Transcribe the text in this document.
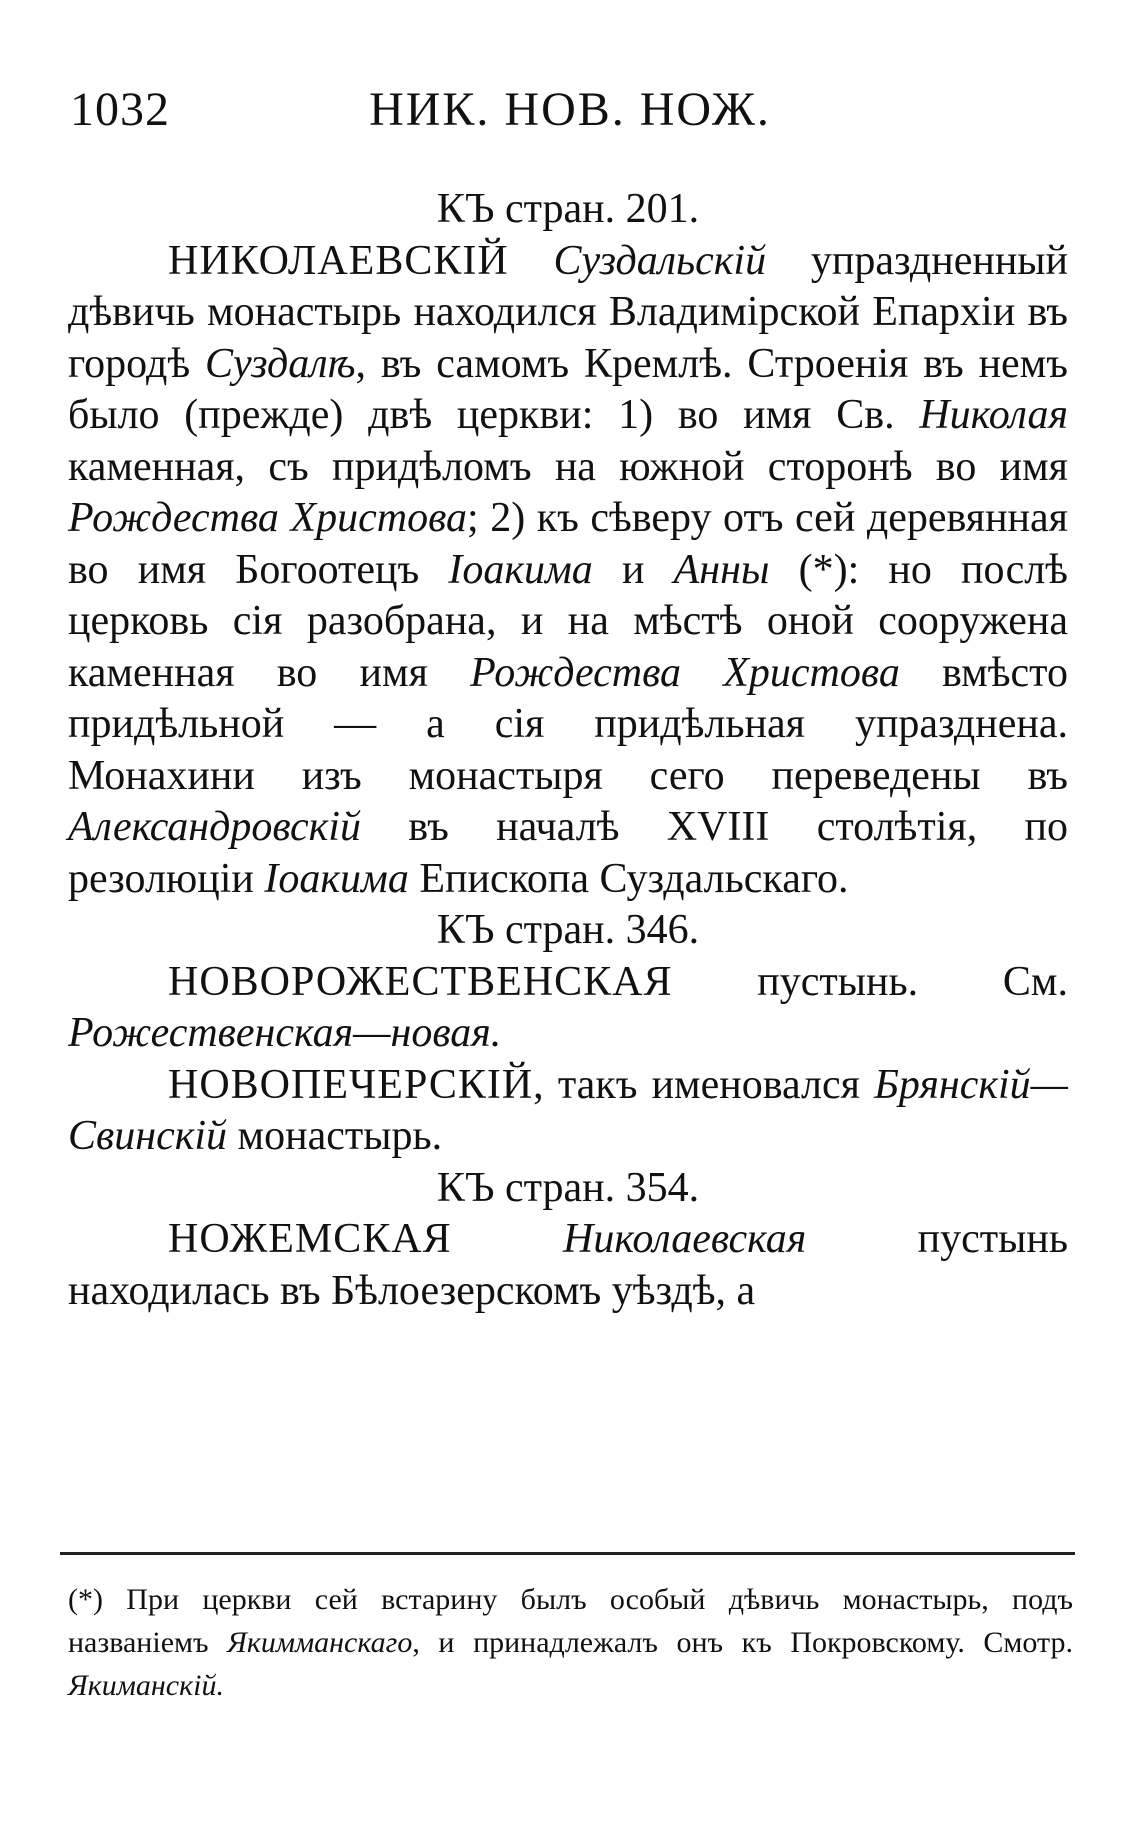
1032	НИК. НОВ. НОЖ.

КЪ стран. 201.

НИКОЛАЕВСКІЙ Суздальскій упраздненный дѣвичь монастырь находился Владимірской Епархіи въ городѣ Суздалѣ, въ самомъ Кремлѣ. Строенія въ немъ было (прежде) двѣ церкви: 1) во имя Св. Николая каменная, съ придѣломъ на южной сторонѣ во имя Рождества Христова; 2) къ сѣверу отъ сей деревянная во имя Богоотецъ Іоакима и Анны (*): но послѣ церковь сія разобрана, и на мѣстѣ оной сооружена каменная во имя Рождества Христова вмѣсто придѣльной — а сія придѣльная упразднена. Монахини изъ монастыря сего переведены въ Александровскій въ началѣ XVIII столѣтія, по резолюціи Іоакима Епископа Суздальскаго.

КЪ стран. 346.

НОВОРОЖЕСТВЕНСКАЯ пустынь. См. Рожественская—новая.

НОВОПЕЧЕРСКІЙ, такъ именовался Брянскій—Свинскій монастырь.

КЪ стран. 354.

НОЖЕМСКАЯ	Николаевская пустынь находилась въ Бѣлоезерскомъ уѣздѣ, а

(*) При церкви сей встарину былъ особый дѣвичь монастырь, подъ названіемъ Якимманскаго, и принадлежалъ онъ къ Покровскому. Смотр. Якиманскій.
